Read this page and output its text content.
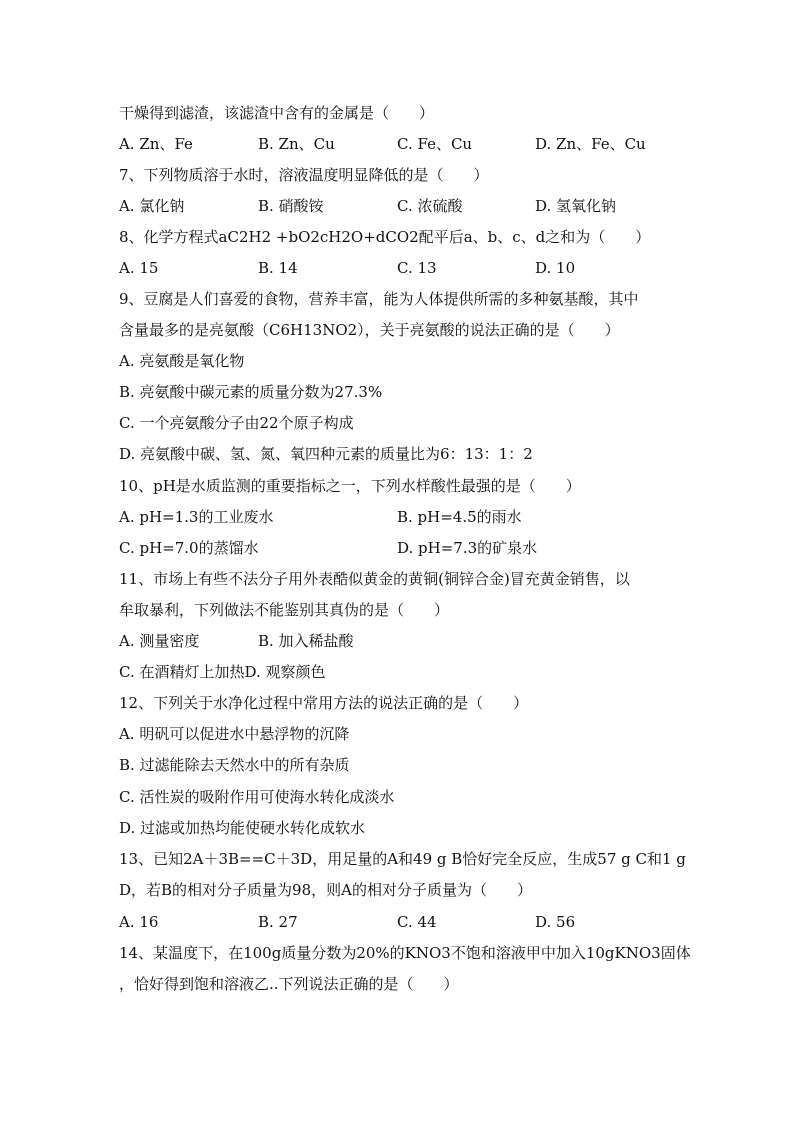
干燥得到滤渣，该滤渣中含有的金属是（　　）
A. Zn、Fe	B. Zn、Cu	C. Fe、Cu	D. Zn、Fe、Cu
7、下列物质溶于水时，溶液温度明显降低的是（　　）
A. 氯化钠	B. 硝酸铵	C. 浓硫酸	D. 氢氧化钠
8、化学方程式aC2H2 +bO2cH2O+dCO2配平后a、b、c、d之和为（　　）
A. 15	B. 14	C. 13	D. 10
9、豆腐是人们喜爱的食物，营养丰富，能为人体提供所需的多种氨基酸，其中
含量最多的是亮氨酸（C6H13NO2），关于亮氨酸的说法正确的是（　　）
A. 亮氨酸是氧化物
B. 亮氨酸中碳元素的质量分数为27.3%
C. 一个亮氨酸分子由22个原子构成
D. 亮氨酸中碳、氢、氮、氧四种元素的质量比为6：13：1：2
10、pH是水质监测的重要指标之一，下列水样酸性最强的是（　　）
A. pH=1.3的工业废水	B. pH=4.5的雨水
C. pH=7.0的蒸馏水	D. pH=7.3的矿泉水
11、市场上有些不法分子用外表酷似黄金的黄铜(铜锌合金)冒充黄金销售，以
牟取暴利，下列做法不能鉴别其真伪的是（　　）
A. 测量密度	B. 加入稀盐酸
C. 在酒精灯上加热D. 观察颜色
12、下列关于水净化过程中常用方法的说法正确的是（　　）
A. 明矾可以促进水中悬浮物的沉降
B. 过滤能除去天然水中的所有杂质
C. 活性炭的吸附作用可使海水转化成淡水
D. 过滤或加热均能使硬水转化成软水
13、已知2A＋3B==C＋3D，用足量的A和49 g B恰好完全反应，生成57 g C和1 g
D，若B的相对分子质量为98，则A的相对分子质量为（　　）
A. 16	B. 27	C. 44	D. 56
14、某温度下，在100g质量分数为20%的KNO3不饱和溶液甲中加入10gKNO3固体
，恰好得到饱和溶液乙..下列说法正确的是（　　）
